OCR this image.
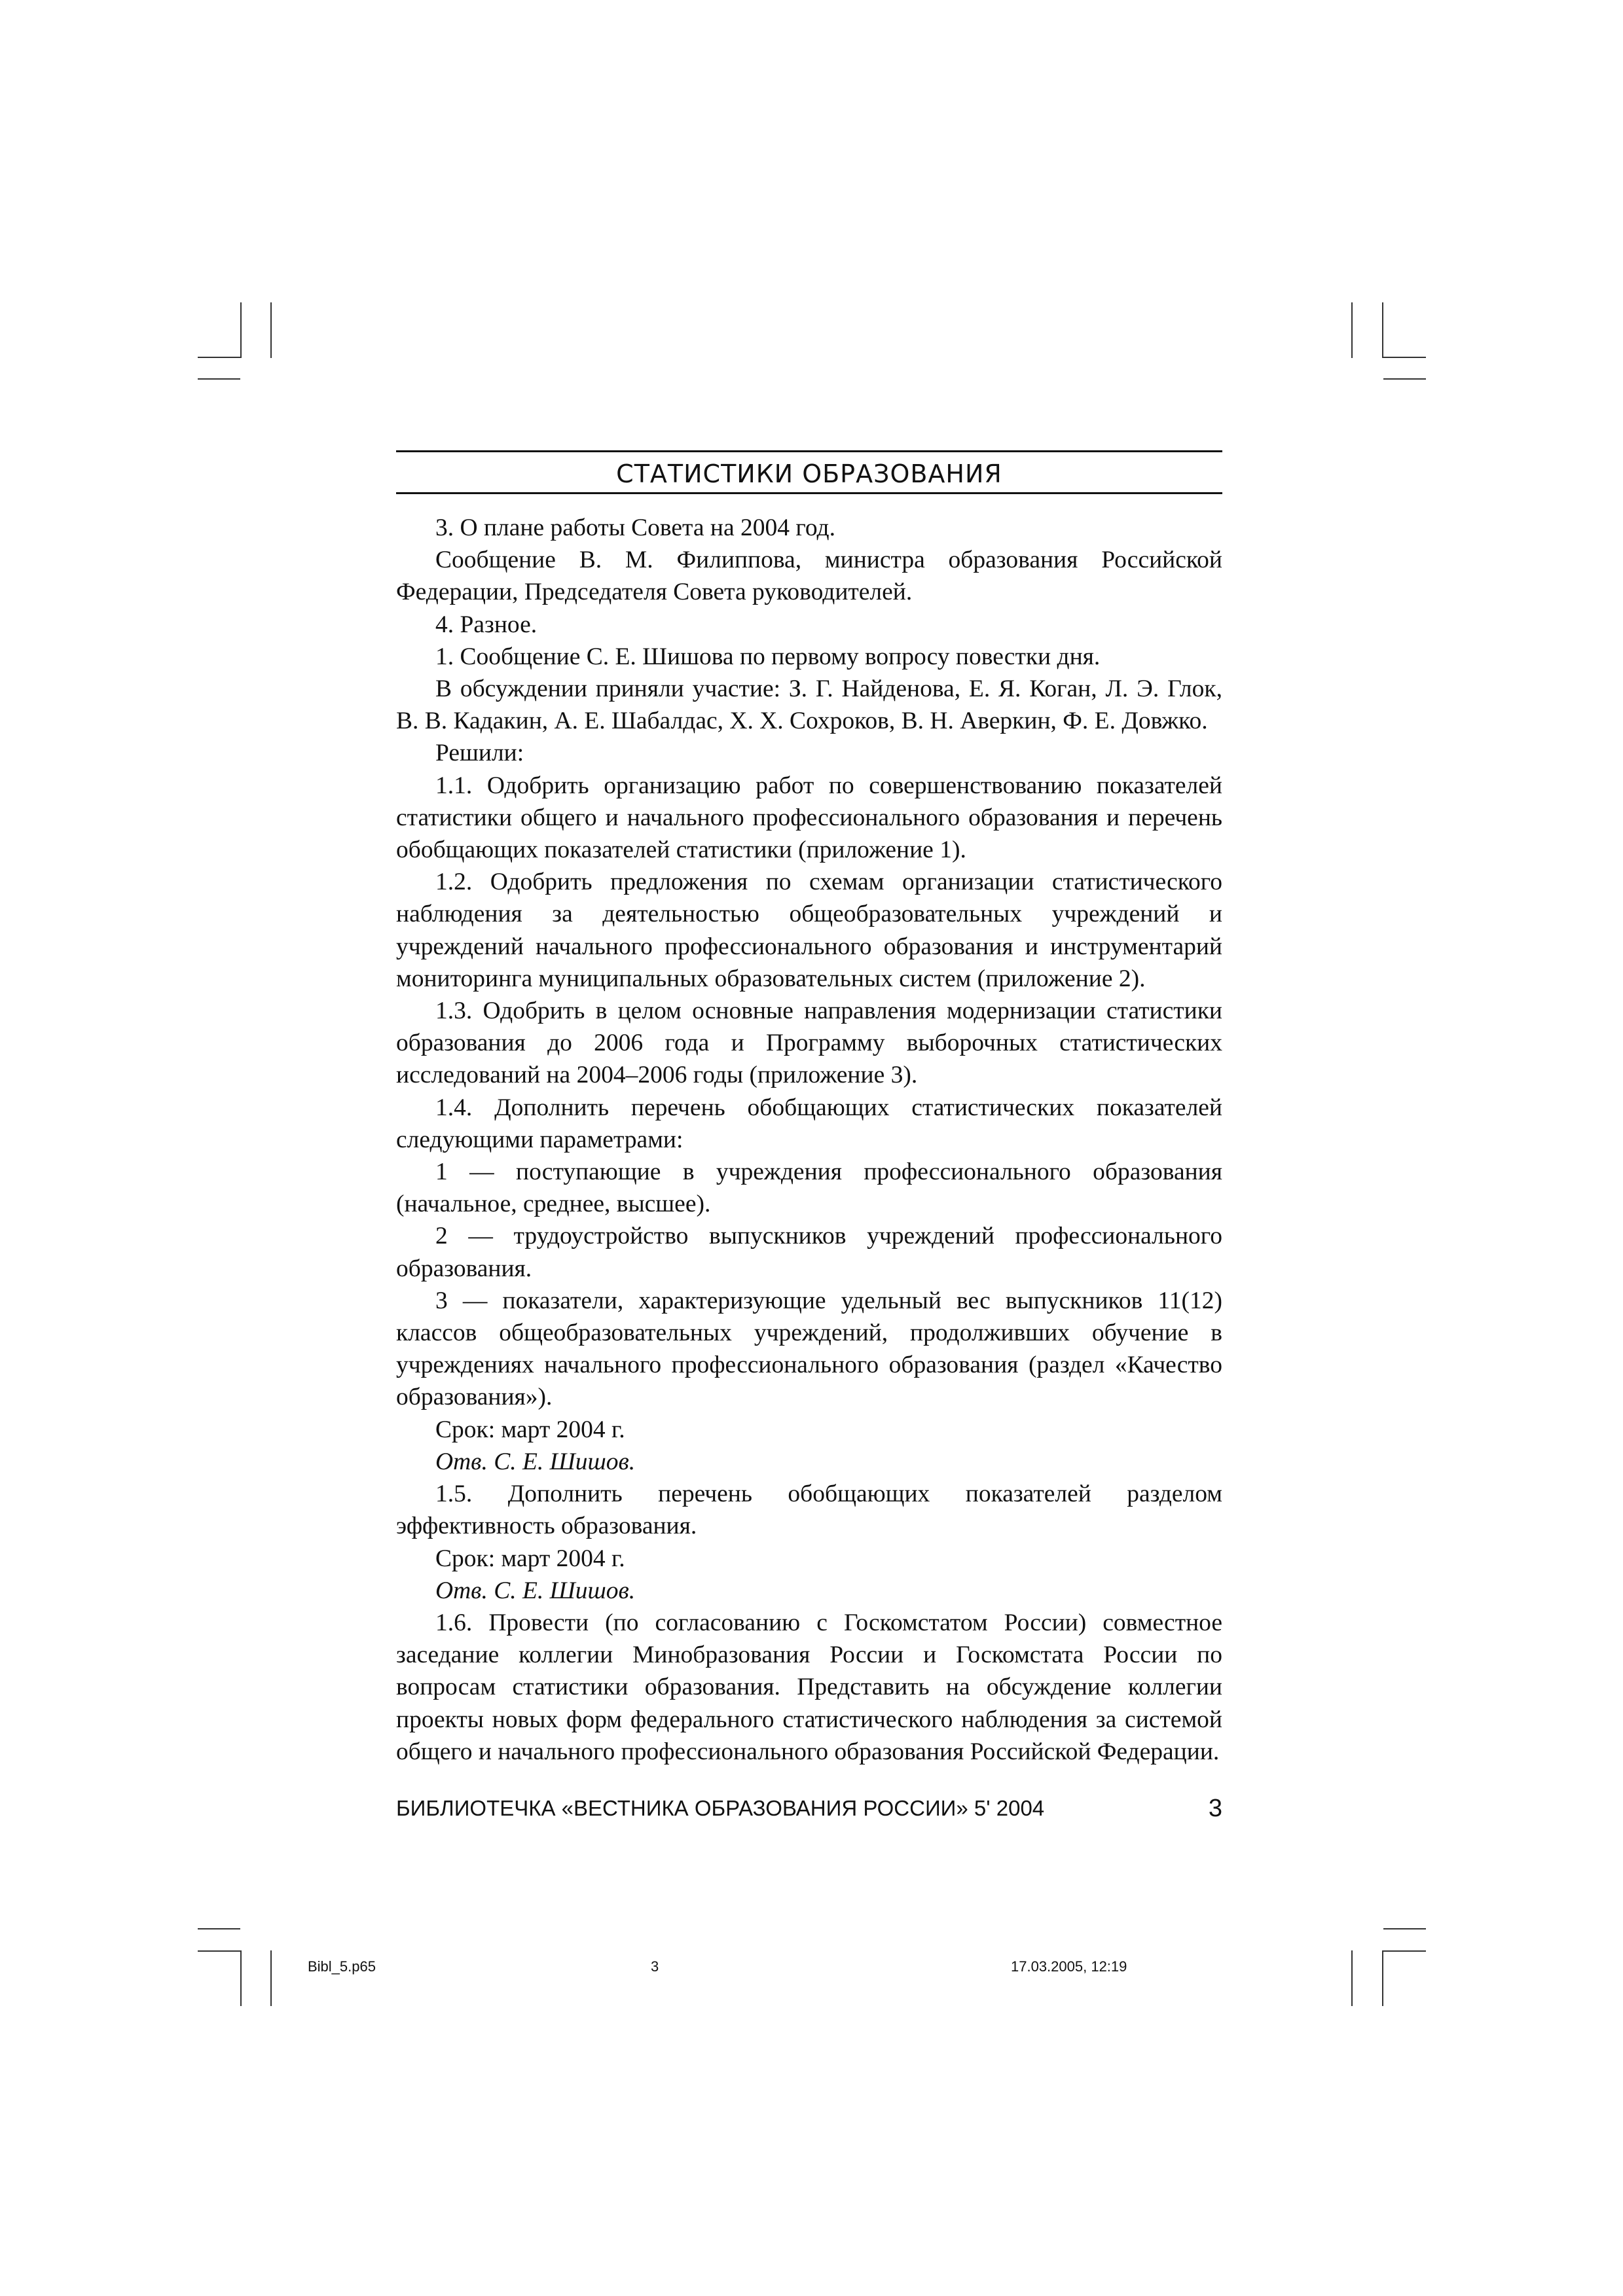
СТАТИСТИКИ ОБРАЗОВАНИЯ

3. О плане работы Совета на 2004 год.

Сообщение В. М. Филиппова, министра образования Российской Федерации, Председателя Совета руководителей.

4. Разное.

1. Сообщение С. Е. Шишова по первому вопросу повестки дня.

В обсуждении приняли участие: З. Г. Найденова, Е. Я. Коган, Л. Э. Глок, В. В. Кадакин, А. Е. Шабалдас, Х. Х. Сохроков, В. Н. Аверкин, Ф. Е. Довжко.

Решили:

1.1. Одобрить организацию работ по совершенствованию показателей статистики общего и начального профессионального образования и перечень обобщающих показателей статистики (приложение 1).

1.2. Одобрить предложения по схемам организации статистического наблюдения за деятельностью общеобразовательных учреждений и учреждений начального профессионального образования и инструментарий мониторинга муниципальных образовательных систем (приложение 2).

1.3. Одобрить в целом основные направления модернизации статистики образования до 2006 года и Программу выборочных статистических исследований на 2004–2006 годы (приложение 3).

1.4. Дополнить перечень обобщающих статистических показателей следующими параметрами:

1 — поступающие в учреждения профессионального образования (начальное, среднее, высшее).

2 — трудоустройство выпускников учреждений профессионального образования.

3 — показатели, характеризующие удельный вес выпускников 11(12) классов общеобразовательных учреждений, продолживших обучение в учреждениях начального профессионального образования (раздел «Качество образования»).

Срок: март 2004 г.

Отв. С. Е. Шишов.

1.5. Дополнить перечень обобщающих показателей разделом эффективность образования.

Срок: март 2004 г.

Отв. С. Е. Шишов.

1.6. Провести (по согласованию с Госкомстатом России) совместное заседание коллегии Минобразования России и Госкомстата России по вопросам статистики образования. Представить на обсуждение коллегии проекты новых форм федерального статистического наблюдения за системой общего и начального профессионального образования Российской Федерации.

БИБЛИОТЕЧКА «ВЕСТНИКА ОБРАЗОВАНИЯ РОССИИ» 5' 2004	3
Bibl_5.p65	3	17.03.2005, 12:19
